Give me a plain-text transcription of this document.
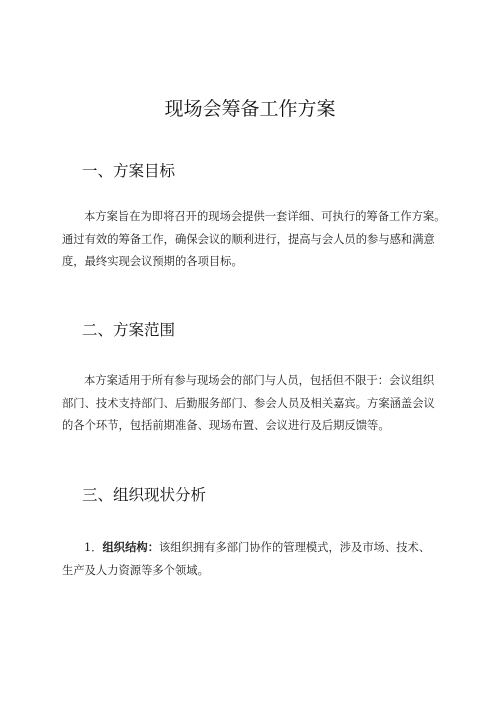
现场会筹备工作方案
一、方案目标
本方案旨在为即将召开的现场会提供一套详细、可执行的筹备工作方案。
通过有效的筹备工作，确保会议的顺利进行，提高与会人员的参与感和满意
度，最终实现会议预期的各项目标。
二、方案范围
本方案适用于所有参与现场会的部门与人员，包括但不限于：会议组织
部门、技术支持部门、后勤服务部门、参会人员及相关嘉宾。方案涵盖会议
的各个环节，包括前期准备、现场布置、会议进行及后期反馈等。
三、组织现状分析
1．组织结构：该组织拥有多部门协作的管理模式，涉及市场、技术、
生产及人力资源等多个领域。
